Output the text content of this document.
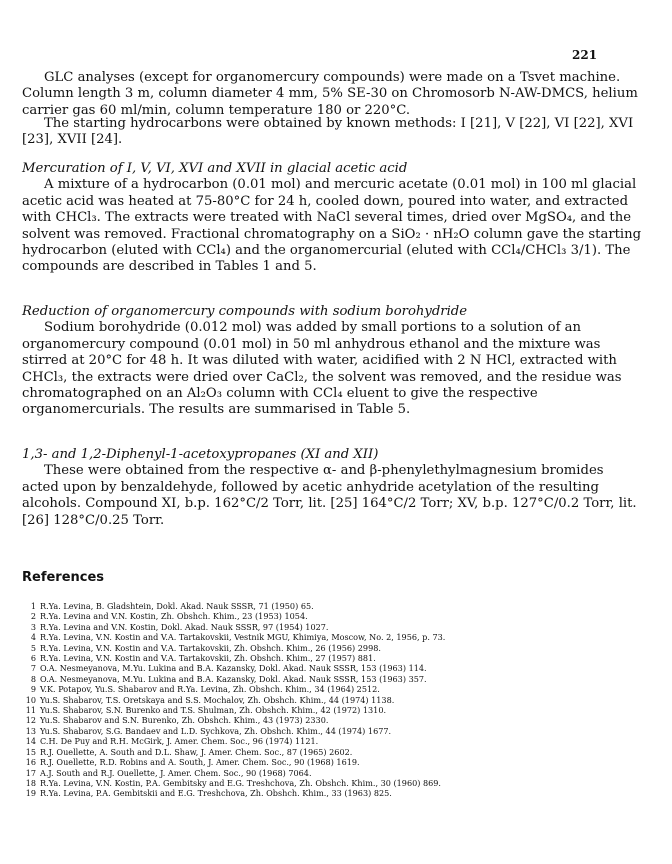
221

GLC analyses (except for organomercury compounds) were made on a Tsvet machine. Column length 3 m, column diameter 4 mm, 5% SE-30 on Chromosorb N-AW-DMCS, helium carrier gas 60 ml/min, column temperature 180 or 220°C.

The starting hydrocarbons were obtained by known methods: I [21], V [22], VI [22], XVI [23], XVII [24].

Mercuration of I, V, VI, XVI and XVII in glacial acetic acid

A mixture of a hydrocarbon (0.01 mol) and mercuric acetate (0.01 mol) in 100 ml glacial acetic acid was heated at 75-80°C for 24 h, cooled down, poured into water, and extracted with CHCl₃. The extracts were treated with NaCl several times, dried over MgSO₄, and the solvent was removed. Fractional chromatography on a SiO₂ · nH₂O column gave the starting hydrocarbon (eluted with CCl₄) and the organomercurial (eluted with CCl₄/CHCl₃ 3/1). The compounds are described in Tables 1 and 5.

Reduction of organomercury compounds with sodium borohydride

Sodium borohydride (0.012 mol) was added by small portions to a solution of an organomercury compound (0.01 mol) in 50 ml anhydrous ethanol and the mixture was stirred at 20°C for 48 h. It was diluted with water, acidified with 2 N HCl, extracted with CHCl₃, the extracts were dried over CaCl₂, the solvent was removed, and the residue was chromatographed on an Al₂O₃ column with CCl₄ eluent to give the respective organomercurials. The results are summarised in Table 5.

1,3- and 1,2-Diphenyl-1-acetoxypropanes (XI and XII)

These were obtained from the respective α- and β-phenylethylmagnesium bromides acted upon by benzaldehyde, followed by acetic anhydride acetylation of the resulting alcohols. Compound XI, b.p. 162°C/2 Torr, lit. [25] 164°C/2 Torr; XV, b.p. 127°C/0.2 Torr, lit. [26] 128°C/0.25 Torr.

References
1 R.Ya. Levina, B. Gladshtein, Dokl. Akad. Nauk SSSR, 71 (1950) 65.
2 R.Ya. Levina and V.N. Kostin, Zh. Obshch. Khim., 23 (1953) 1054.
3 R.Ya. Levina and V.N. Kostin, Dokl. Akad. Nauk SSSR, 97 (1954) 1027.
4 R.Ya. Levina, V.N. Kostin and V.A. Tartakovskii, Vestnik MGU, Khimiya, Moscow, No. 2, 1956, p. 73.
5 R.Ya. Levina, V.N. Kostin and V.A. Tartakovskii, Zh. Obshch. Khim., 26 (1956) 2998.
6 R.Ya. Levina, V.N. Kostin and V.A. Tartakovskii, Zh. Obshch. Khim., 27 (1957) 881.
7 O.A. Nesmeyanova, M.Yu. Lukina and B.A. Kazansky, Dokl. Akad. Nauk SSSR, 153 (1963) 114.
8 O.A. Nesmeyanova, M.Yu. Lukina and B.A. Kazansky, Dokl. Akad. Nauk SSSR, 153 (1963) 357.
9 V.K. Potapov, Yu.S. Shabarov and R.Ya. Levina, Zh. Obshch. Khim., 34 (1964) 2512.
10 Yu.S. Shabarov, T.S. Oretskaya and S.S. Mochalov, Zh. Obshch. Khim., 44 (1974) 1138.
11 Yu.S. Shabarov, S.N. Burenko and T.S. Shulman, Zh. Obshch. Khim., 42 (1972) 1310.
12 Yu.S. Shabarov and S.N. Burenko, Zh. Obshch. Khim., 43 (1973) 2330.
13 Yu.S. Shabarov, S.G. Bandaev and L.D. Sychkova, Zh. Obshch. Khim., 44 (1974) 1677.
14 C.H. De Puy and R.H. McGirk, J. Amer. Chem. Soc., 96 (1974) 1121.
15 R.J. Ouellette, A. South and D.L. Shaw, J. Amer. Chem. Soc., 87 (1965) 2602.
16 R.J. Ouellette, R.D. Robins and A. South, J. Amer. Chem. Soc., 90 (1968) 1619.
17 A.J. South and R.J. Ouellette, J. Amer. Chem. Soc., 90 (1968) 7064.
18 R.Ya. Levina, V.N. Kostin, P.A. Gembitsky and E.G. Treshchova, Zh. Obshch. Khim., 30 (1960) 869.
19 R.Ya. Levina, P.A. Gembitskii and E.G. Treshchova, Zh. Obshch. Khim., 33 (1963) 825.
